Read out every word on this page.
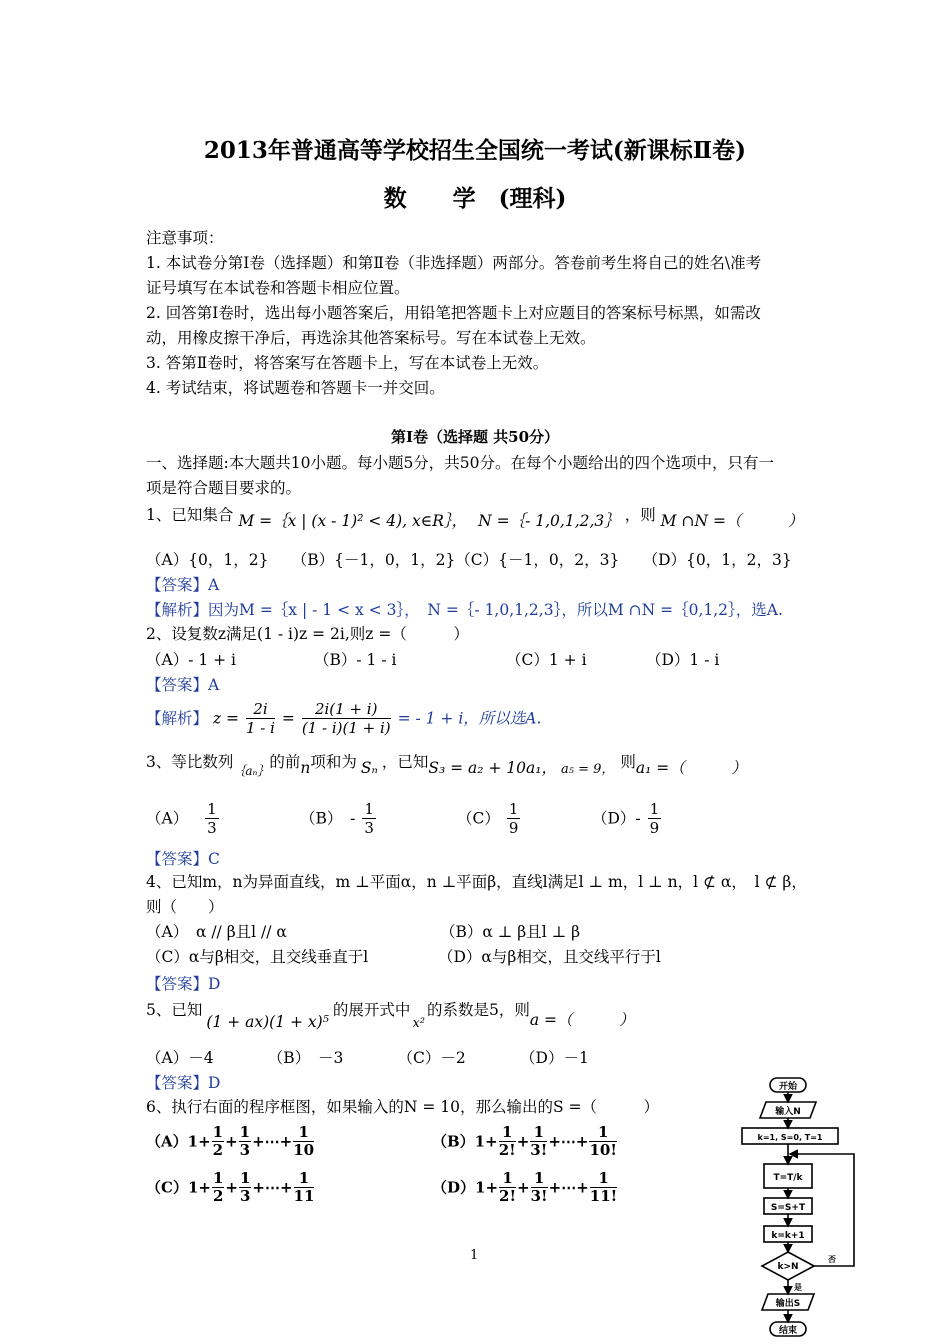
2013年普通高等学校招生全国统一考试(新课标Ⅱ卷)
数　　学　(理科)
注意事项：
1. 本试卷分第Ⅰ卷（选择题）和第Ⅱ卷（非选择题）两部分。答卷前考生将自己的姓名\准考
证号填写在本试卷和答题卡相应位置。
2. 回答第Ⅰ卷时，选出每小题答案后，用铅笔把答题卡上对应题目的答案标号标黑，如需改
动，用橡皮擦干净后，再选涂其他答案标号。写在本试卷上无效。
3. 答第Ⅱ卷时，将答案写在答题卡上，写在本试卷上无效。
4. 考试结束，将试题卷和答题卡一并交回。
第Ⅰ卷（选择题 共50分）
一、选择题:本大题共10小题。每小题5分，共50分。在每个小题给出的四个选项中，只有一
项是符合题目要求的。
1、已知集合 M =｛x | (x - 1)² < 4), x∈R｝， N =｛- 1,0,1,2,3｝ ，则 M ∩N =（　　　）
（A）{0，1，2}　　（B）{－1，0，1，2}（C）{－1，0，2，3}　　（D）{0，1，2，3}
【答案】A
【解析】因为M =｛x | - 1 < x < 3｝，　N =｛- 1,0,1,2,3｝，所以M ∩N =｛0,1,2｝，选A.
2、设复数z满足(1 - i)z = 2i,则z =（　　　）
（A）- 1 + i	（B）- 1 - i	（C）1 + i	（D）1 - i
【答案】A
【解析】 $z = \frac{2i}{1 - i} = \frac{2i(1 + i)}{(1 - i)(1 + i)}$ = - 1 + i，所以选A.
3、等比数列$_{\{a_n\}}$的前n项和为 Sₙ ，已知S₃ = a₂ + 10a₁， $_{a_5 = 9,}$ 则a₁ =（　　　）
$(A) \frac{1}{3}$	（B）　- $\frac{1}{3}$	$(C) \frac{1}{9}$	$(D)- \frac{1}{9}$
【答案】C
4、已知m，n为异面直线，m ⊥平面α，n ⊥平面β，直线l满足l ⊥ m，l ⊥ n，l ⊄ α，　l ⊄ β，
则（　　）
（A）　α // β且l // α	（B）α ⊥ β且l ⊥ β
（C）α与β相交，且交线垂直于l	（D）α与β相交，且交线平行于l
【答案】D
5、已知(1 + ax)(1 + x)⁵的展开式中$_{x^2}$的系数是5，则a =（　　　）
（A）－4　　　　（B）　－3　　　　（C）－2　　　　（D）－1
【答案】D
6、执行右面的程序框图，如果输入的N = 10，那么输出的S =（　　　）
$(A)1+ \frac{1}{2} + \frac{1}{3}$ +⋯+ $\frac{1}{10}$	$(B)1+ \frac{1}{2!} + \frac{1}{3!}$ +⋯+ $\frac{1}{10!}$
$(C)1+ \frac{1}{2} + \frac{1}{3}$ +⋯+ $\frac{1}{11}$	$(D)1+ \frac{1}{2!} + \frac{1}{3!}$ +⋯+ $\frac{1}{11!}$
1
开始
输入N
k=1, S=0, T=1
T=T/k
S=S+T
k=k+1
k>N
否
是
输出S
结束
